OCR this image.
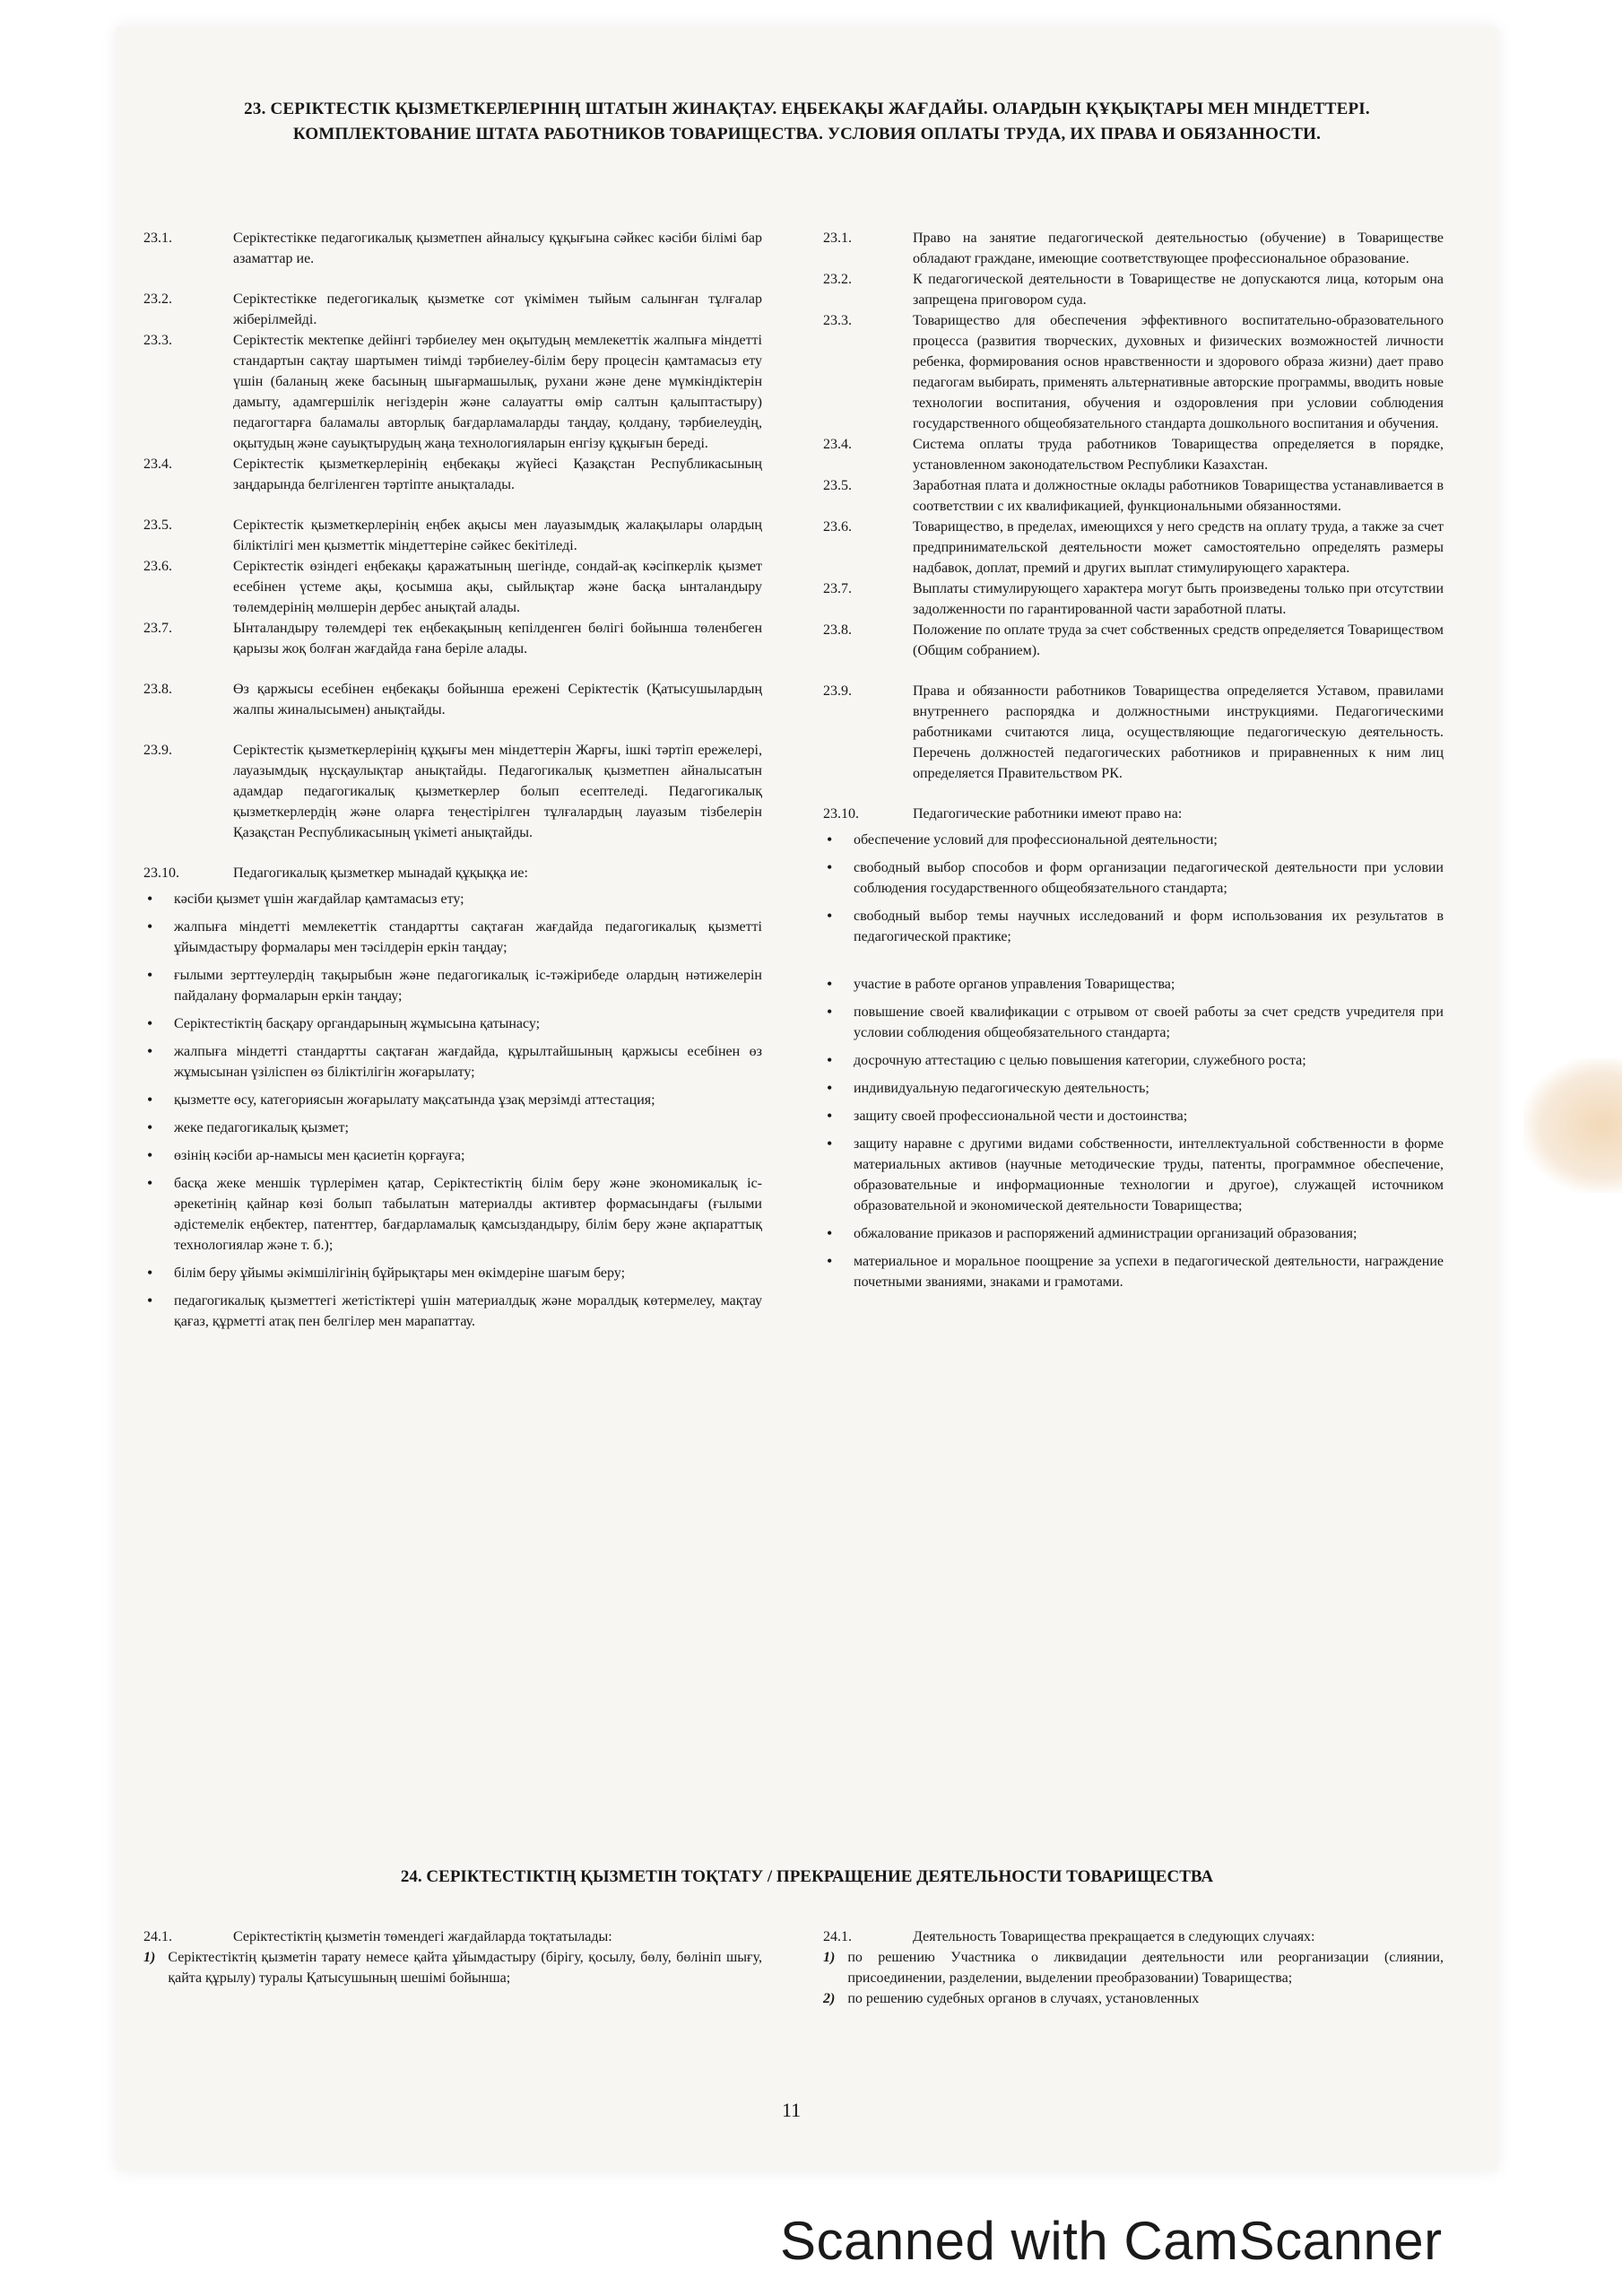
23. СЕРІКТЕСТІК ҚЫЗМЕТКЕРЛЕРІНІҢ ШТАТЫН ЖИНАҚТАУ. ЕҢБЕКАҚЫ ЖАҒДАЙЫ. ОЛАРДЫН ҚҰҚЫҚТАРЫ МЕН МІНДЕТТЕРІ. КОМПЛЕКТОВАНИЕ ШТАТА РАБОТНИКОВ ТОВАРИЩЕСТВА. УСЛОВИЯ ОПЛАТЫ ТРУДА, ИХ ПРАВА И ОБЯЗАННОСТИ.
23.1.	Серіктестікке педагогикалық қызметпен айналысу құқығына сәйкес кәсіби білімі бар азаматтар ие.
23.2.	Серіктестікке педегогикалық қызметке сот үкімімен тыйым салынған тұлғалар жіберілмейді.
23.3.	Серіктестік мектепке дейінгі тәрбиелеу мен оқытудың мемлекеттік жалпыға міндетті стандартын сақтау шартымен тиімді тәрбиелеу-білім беру процесін қамтамасыз ету үшін (баланың жеке басының шығармашылық, рухани және дене мүмкіндіктерін дамыту, адамгершілік негіздерін және салауатты өмір салтын қалыптастыру) педагогтарға баламалы авторлық бағдарламаларды таңдау, қолдану, тәрбиелеудің, оқытудың және сауықтырудың жаңа технологияларын енгізу құқығын береді.
23.4.	Серіктестік қызметкерлерінің еңбекақы жүйесі Қазақстан Республикасының заңдарында белгіленген тәртіпте анықталады.
23.5.	Серіктестік қызметкерлерінің еңбек ақысы мен лауазымдық жалақылары олардың біліктілігі мен қызметтік міндеттеріне сәйкес бекітіледі.
23.6.	Серіктестік өзіндегі еңбекақы қаражатының шегінде, сондай-ақ кәсіпкерлік қызмет есебінен үстеме ақы, қосымша ақы, сыйлықтар және басқа ынталандыру төлемдерінің мөлшерін дербес анықтай алады.
23.7.	Ынталандыру төлемдері тек еңбекақының кепілденген бөлігі бойынша төленбеген қарызы жоқ болған жағдайда ғана беріле алады.
23.8.	Өз қаржысы есебінен еңбекақы бойынша ережені Серіктестік (Қатысушылардың жалпы жиналысымен) анықтайды.
23.9.	Серіктестік қызметкерлерінің құқығы мен міндеттерін Жарғы, ішкі тәртіп ережелері, лауазымдық нұсқаулықтар анықтайды. Педагогикалық қызметпен айналысатын адамдар педагогикалық қызметкерлер болып есептеледі. Педагогикалық қызметкерлердің және оларға теңестірілген тұлғалардың лауазым тізбелерін Қазақстан Республикасының үкіметі анықтайды.
23.10.	Педагогикалық қызметкер мынадай құқыққа ие:
• кәсіби қызмет үшін жағдайлар қамтамасыз ету;
• жалпыға міндетті мемлекеттік стандартты сақтаған жағдайда педагогикалық қызметті ұйымдастыру формалары мен тәсілдерін еркін таңдау;
• ғылыми зерттеулердің тақырыбын және педагогикалық іс-тәжірибеде олардың нәтижелерін пайдалану формаларын еркін таңдау;
• Серіктестіктің басқару органдарының жұмысына қатынасу;
• жалпыға міндетті стандартты сақтаған жағдайда, құрылтайшының қаржысы есебінен өз жұмысынан үзіліспен өз біліктілігін жоғарылату;
• қызметте өсу, категориясын жоғарылату мақсатында ұзақ мерзімді аттестация;
• жеке педагогикалық қызмет;
• өзінің кәсіби ар-намысы мен қасиетін қорғауға;
• басқа жеке меншік түрлерімен қатар, Серіктестіктің білім беру және экономикалық іс-әрекетінің қайнар көзі болып табылатын материалды активтер формасындағы (ғылыми әдістемелік еңбектер, патенттер, бағдарламалық қамсыздандыру, білім беру және ақпараттық технологиялар және т. б.);
• білім беру ұйымы әкімшілігінің бұйрықтары мен өкімдеріне шағым беру;
• педагогикалық қызметтегі жетістіктері үшін материалдық және моралдық көтермелеу, мақтау қағаз, құрметті атақ пен белгілер мен марапаттау.
23.1.	Право на занятие педагогической деятельностью (обучение) в Товариществе обладают граждане, имеющие соответствующее профессиональное образование.
23.2.	К педагогической деятельности в Товариществе не допускаются лица, которым она запрещена приговором суда.
23.3.	Товарищество для обеспечения эффективного воспитательно-образовательного процесса (развития творческих, духовных и физических возможностей личности ребенка, формирования основ нравственности и здорового образа жизни) дает право педагогам выбирать, применять альтернативные авторские программы, вводить новые технологии воспитания, обучения и оздоровления при условии соблюдения государственного общеобязательного стандарта дошкольного воспитания и обучения.
23.4.	Система оплаты труда работников Товарищества определяется в порядке, установленном законодательством Республики Казахстан.
23.5.	Заработная плата и должностные оклады работников Товарищества устанавливается в соответствии с их квалификацией, функциональными обязанностями.
23.6.	Товарищество, в пределах, имеющихся у него средств на оплату труда, а также за счет предпринимательской деятельности может самостоятельно определять размеры надбавок, доплат, премий и других выплат стимулирующего характера.
23.7.	Выплаты стимулирующего характера могут быть произведены только при отсутствии задолженности по гарантированной части заработной платы.
23.8.	Положение по оплате труда за счет собственных средств определяется Товариществом (Общим собранием).
23.9.	Права и обязанности работников Товарищества определяется Уставом, правилами внутреннего распорядка и должностными инструкциями. Педагогическими работниками считаются лица, осуществляющие педагогическую деятельность. Перечень должностей педагогических работников и приравненных к ним лиц определяется Правительством РК.
23.10.	Педагогические работники имеют право на:
• обеспечение условий для профессиональной деятельности;
• свободный выбор способов и форм организации педагогической деятельности при условии соблюдения государственного общеобязательного стандарта;
• свободный выбор темы научных исследований и форм использования их результатов в педагогической практике;
• участие в работе органов управления Товарищества;
• повышение своей квалификации с отрывом от своей работы за счет средств учредителя при условии соблюдения общеобязательного стандарта;
• досрочную аттестацию с целью повышения категории, служебного роста;
• индивидуальную педагогическую деятельность;
• защиту своей профессиональной чести и достоинства;
• защиту наравне с другими видами собственности, интеллектуальной собственности в форме материальных активов (научные методические труды, патенты, программное обеспечение, образовательные и информационные технологии и другое), служащей источником образовательной и экономической деятельности Товарищества;
• обжалование приказов и распоряжений администрации организаций образования;
• материальное и моральное поощрение за успехи в педагогической деятельности, награждение почетными званиями, знаками и грамотами.
24. СЕРІКТЕСТІКТІҢ ҚЫЗМЕТІН ТОҚТАТУ / ПРЕКРАЩЕНИЕ ДЕЯТЕЛЬНОСТИ ТОВАРИЩЕСТВА
24.1.	Серіктестіктің қызметін төмендегі жағдайларда тоқтатылады:
1) Серіктестіктің қызметін тарату немесе қайта ұйымдастыру (бірігу, қосылу, бөлу, бөлініп шығу, қайта құрылу) туралы Қатысушының шешімі бойынша;
24.1.	Деятельность Товарищества прекращается в следующих случаях:
1) по решению Участника о ликвидации деятельности или реорганизации (слиянии, присоединении, разделении, выделении преобразовании) Товарищества;
2) по решению судебных органов в случаях, установленных
11
Scanned with CamScanner
